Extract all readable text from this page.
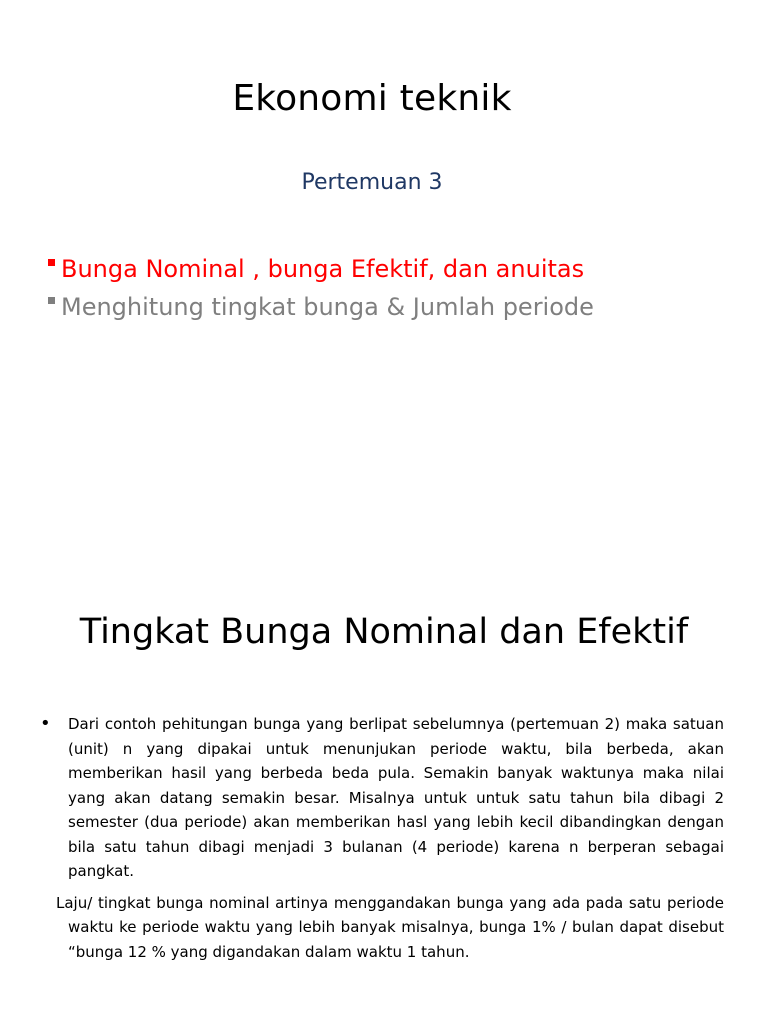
Ekonomi teknik
Pertemuan 3
Bunga Nominal , bunga Efektif, dan anuitas
Menghitung tingkat bunga & Jumlah periode
Tingkat Bunga Nominal dan Efektif
•	Dari contoh pehitungan bunga yang berlipat sebelumnya (pertemuan 2) maka satuan (unit) n yang dipakai untuk menunjukan periode waktu, bila berbeda, akan memberikan hasil yang berbeda beda pula. Semakin banyak waktunya maka nilai yang akan datang semakin besar. Misalnya untuk untuk satu tahun bila dibagi 2 semester (dua periode) akan memberikan hasl yang lebih kecil dibandingkan dengan bila satu tahun dibagi menjadi 3 bulanan (4 periode) karena n berperan sebagai pangkat.
Laju/ tingkat bunga nominal artinya menggandakan bunga yang ada pada satu periode waktu ke periode waktu yang lebih banyak misalnya, bunga 1% / bulan dapat disebut “bunga 12 % yang digandakan dalam waktu 1 tahun.
